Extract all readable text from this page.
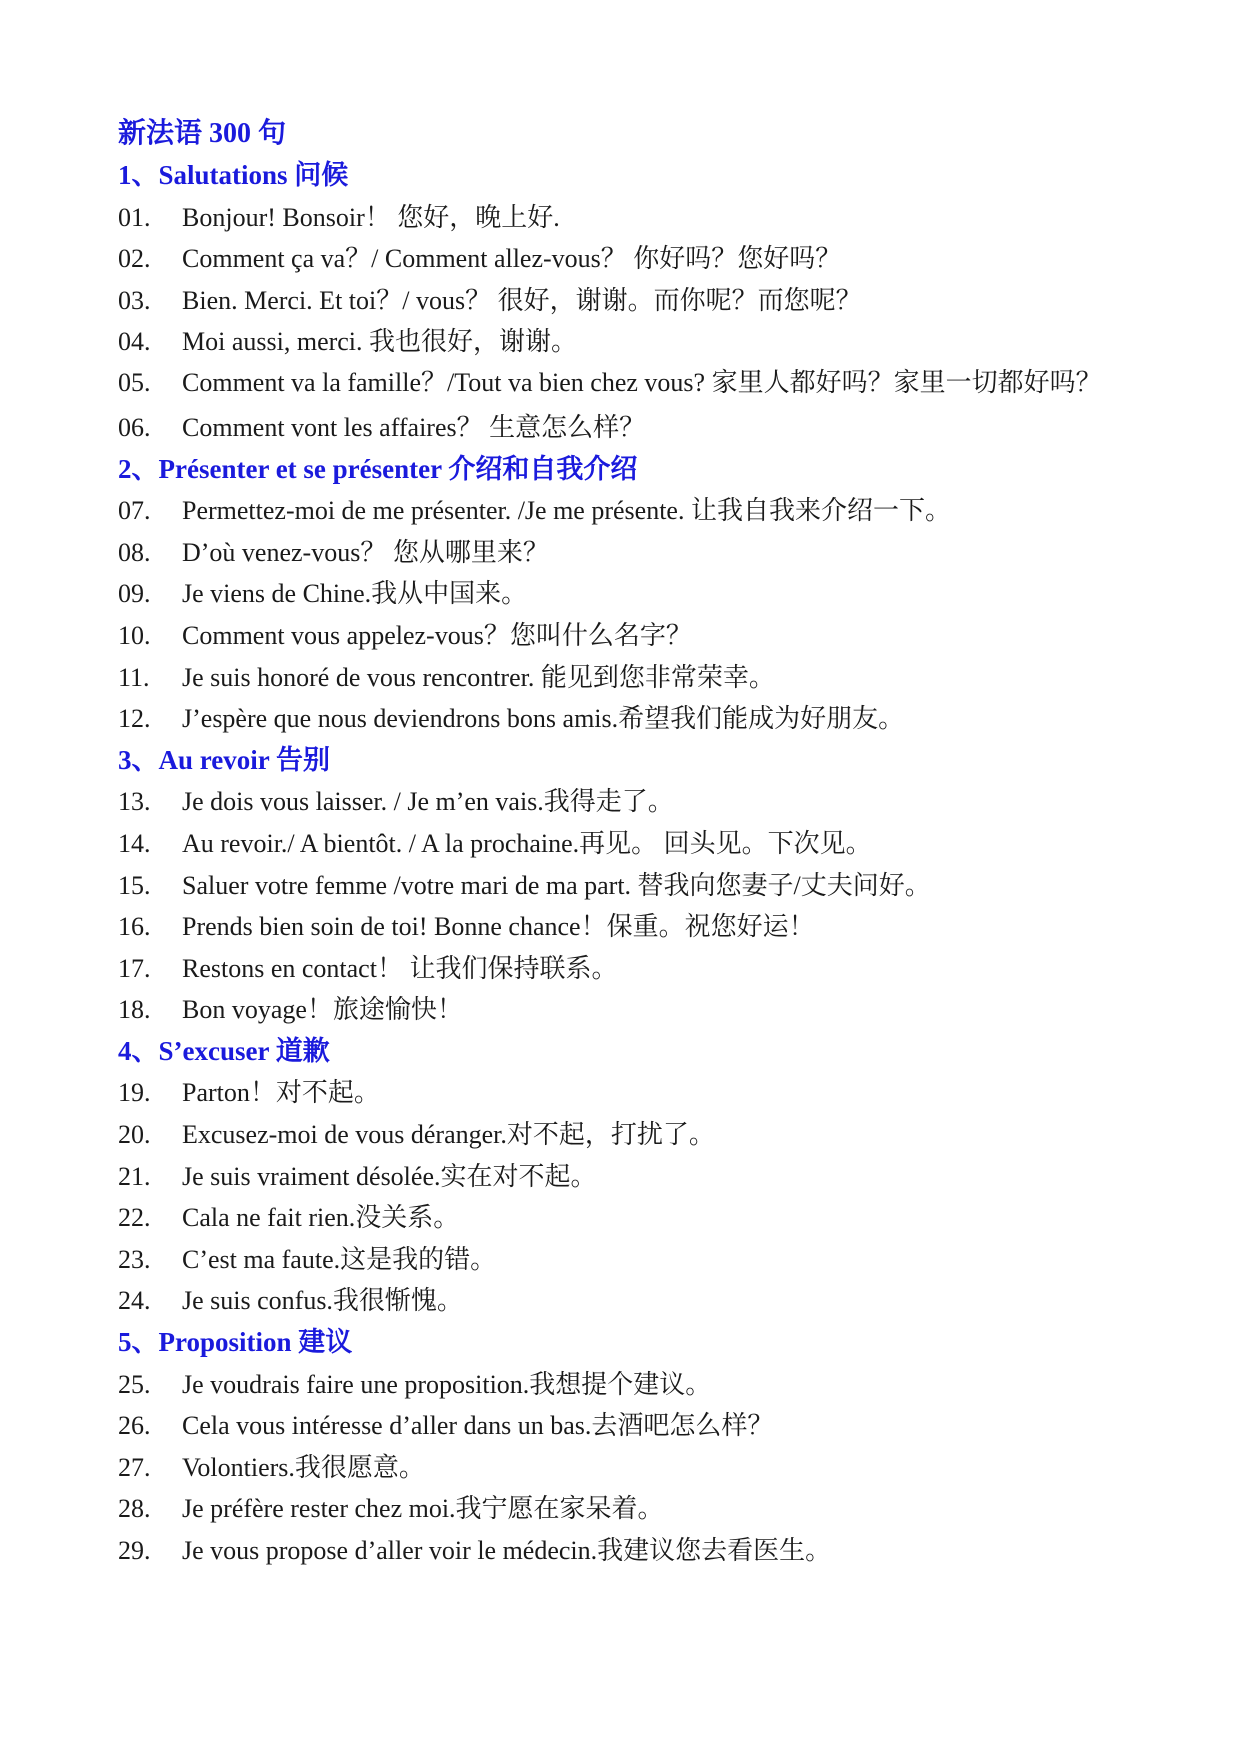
新法语 300 句
1、Salutations 问候
01.	Bonjour! Bonsoir！ 您好，晚上好.
02.	Comment ça va？/ Comment allez-vous？ 你好吗？您好吗？
03.	Bien. Merci. Et toi？/ vous？ 很好，谢谢。而你呢？而您呢？
04.	Moi aussi, merci. 我也很好，谢谢。
05.	Comment va la famille？/Tout va bien chez vous? 家里人都好吗？家里一切都好吗？
06.	Comment vont les affaires？ 生意怎么样？
2、Présenter et se présenter 介绍和自我介绍
07.	Permettez-moi de me présenter. /Je me présente. 让我自我来介绍一下。
08.	D’où venez-vous？ 您从哪里来？
09.	Je viens de Chine.我从中国来。
10.	Comment vous appelez-vous？您叫什么名字？
11.	Je suis honoré de vous rencontrer. 能见到您非常荣幸。
12.	J’espère que nous deviendrons bons amis.希望我们能成为好朋友。
3、Au revoir 告别
13.	Je dois vous laisser. / Je m’en vais.我得走了。
14.	Au revoir./ A bientôt. / A la prochaine.再见。 回头见。下次见。
15.	Saluer votre femme /votre mari de ma part. 替我向您妻子/丈夫问好。
16.	Prends bien soin de toi! Bonne chance！保重。祝您好运！
17.	Restons en contact！ 让我们保持联系。
18.	Bon voyage！旅途愉快！
4、S’excuser 道歉
19.	Parton！对不起。
20.	Excusez-moi de vous déranger.对不起，打扰了。
21.	Je suis vraiment désolée.实在对不起。
22.	Cala ne fait rien.没关系。
23.	C’est ma faute.这是我的错。
24.	Je suis confus.我很惭愧。
5、Proposition 建议
25.	Je voudrais faire une proposition.我想提个建议。
26.	Cela vous intéresse d’aller dans un bas.去酒吧怎么样？
27.	Volontiers.我很愿意。
28.	Je préfère rester chez moi.我宁愿在家呆着。
29.	Je vous propose d’aller voir le médecin.我建议您去看医生。
